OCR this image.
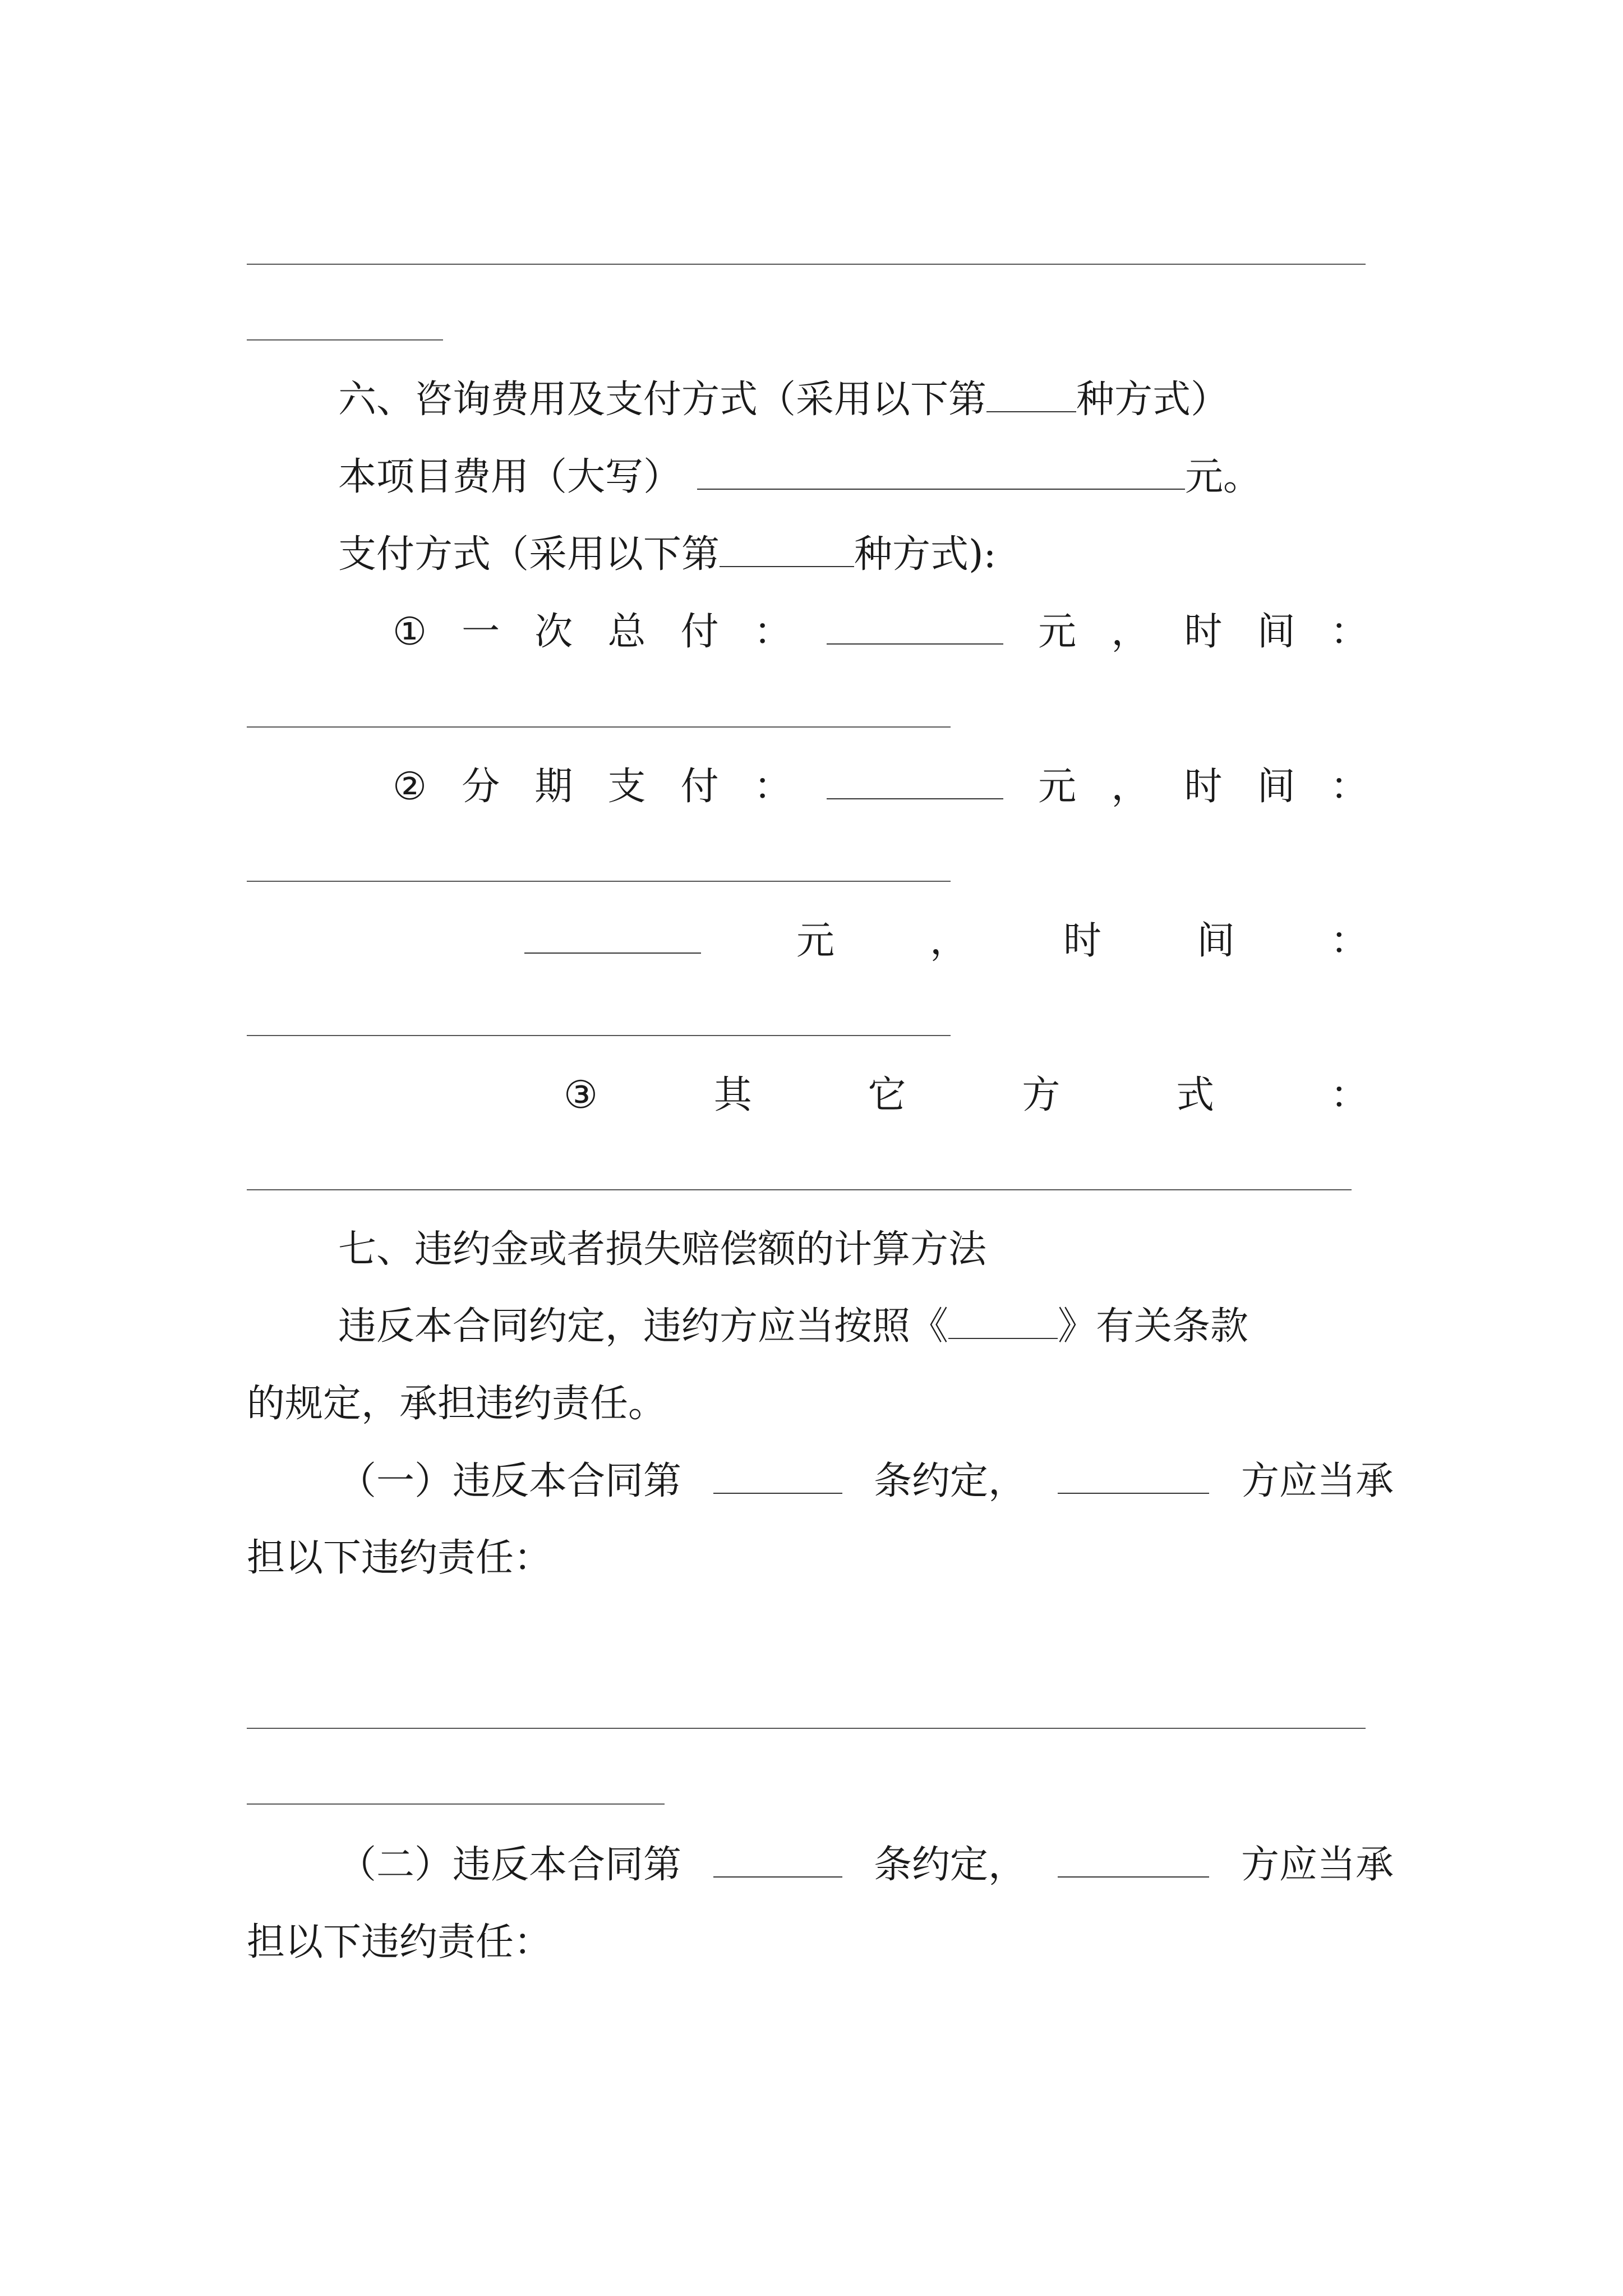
六、咨询费用及支付方式（采用以下第 种方式）
本项目费用（大写）	元。
支付方式（采用以下第	种方式):
① 一 次 总 付 ：	元 ， 时 间 ：
② 分 期 支 付 ：	元 ， 时 间 ：
元 ， 时 间 ：
③	其	它	方	式	：
七、违约金或者损失赔偿额的计算方法
违反本合同约定，违约方应当按照《	》有关条款
的规定，承担违约责任。
（一）违反本合同第	条约定，	方应当承
担以下违约责任：
（二）违反本合同第	条约定，	方应当承
担以下违约责任：
